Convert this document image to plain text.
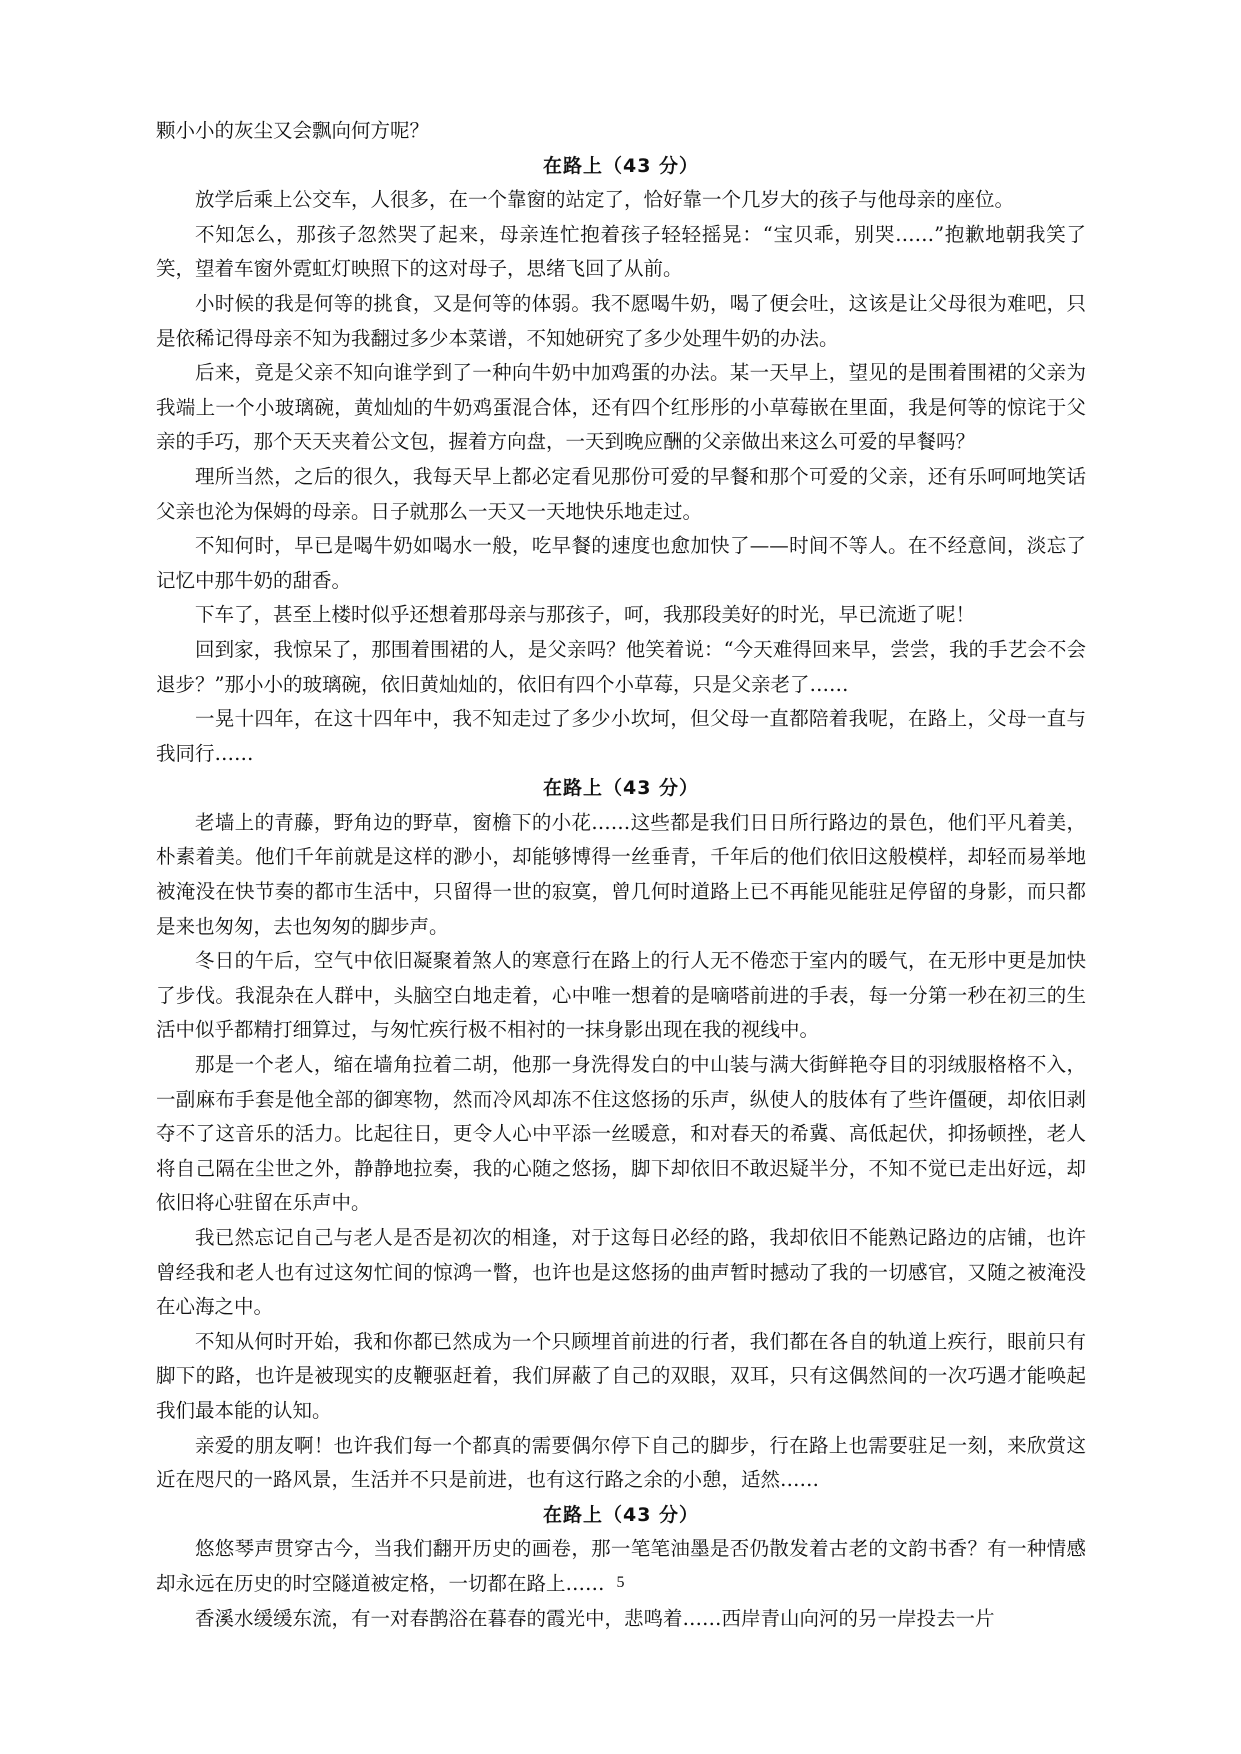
颗小小的灰尘又会飘向何方呢？

在路上（43 分）

放学后乘上公交车，人很多，在一个靠窗的站定了，恰好靠一个几岁大的孩子与他母亲的座位。

不知怎么，那孩子忽然哭了起来，母亲连忙抱着孩子轻轻摇晃：“宝贝乖，别哭……”抱歉地朝我笑了笑，望着车窗外霓虹灯映照下的这对母子，思绪飞回了从前。

小时候的我是何等的挑食，又是何等的体弱。我不愿喝牛奶，喝了便会吐，这该是让父母很为难吧，只是依稀记得母亲不知为我翻过多少本菜谱，不知她研究了多少处理牛奶的办法。

后来，竟是父亲不知向谁学到了一种向牛奶中加鸡蛋的办法。某一天早上，望见的是围着围裙的父亲为我端上一个小玻璃碗，黄灿灿的牛奶鸡蛋混合体，还有四个红彤彤的小草莓嵌在里面，我是何等的惊诧于父亲的手巧，那个天天夹着公文包，握着方向盘，一天到晚应酬的父亲做出来这么可爱的早餐吗？

理所当然，之后的很久，我每天早上都必定看见那份可爱的早餐和那个可爱的父亲，还有乐呵呵地笑话父亲也沦为保姆的母亲。日子就那么一天又一天地快乐地走过。

不知何时，早已是喝牛奶如喝水一般，吃早餐的速度也愈加快了——时间不等人。在不经意间，淡忘了记忆中那牛奶的甜香。

下车了，甚至上楼时似乎还想着那母亲与那孩子，呵，我那段美好的时光，早已流逝了呢！

回到家，我惊呆了，那围着围裙的人，是父亲吗？他笑着说：“今天难得回来早，尝尝，我的手艺会不会退步？”那小小的玻璃碗，依旧黄灿灿的，依旧有四个小草莓，只是父亲老了……

一晃十四年，在这十四年中，我不知走过了多少小坎坷，但父母一直都陪着我呢，在路上，父母一直与我同行……

在路上（43 分）

老墙上的青藤，野角边的野草，窗檐下的小花……这些都是我们日日所行路边的景色，他们平凡着美，朴素着美。他们千年前就是这样的渺小，却能够博得一丝垂青，千年后的他们依旧这般模样，却轻而易举地被淹没在快节奏的都市生活中，只留得一世的寂寞，曾几何时道路上已不再能见能驻足停留的身影，而只都是来也匆匆，去也匆匆的脚步声。

冬日的午后，空气中依旧凝聚着煞人的寒意行在路上的行人无不倦恋于室内的暖气，在无形中更是加快了步伐。我混杂在人群中，头脑空白地走着，心中唯一想着的是嘀嗒前进的手表，每一分第一秒在初三的生活中似乎都精打细算过，与匆忙疾行极不相衬的一抹身影出现在我的视线中。

那是一个老人，缩在墙角拉着二胡，他那一身洗得发白的中山装与满大街鲜艳夺目的羽绒服格格不入，一副麻布手套是他全部的御寒物，然而冷风却冻不住这悠扬的乐声，纵使人的肢体有了些许僵硬，却依旧剥夺不了这音乐的活力。比起往日，更令人心中平添一丝暖意，和对春天的希冀、高低起伏，抑扬顿挫，老人将自己隔在尘世之外，静静地拉奏，我的心随之悠扬，脚下却依旧不敢迟疑半分，不知不觉已走出好远，却依旧将心驻留在乐声中。

我已然忘记自己与老人是否是初次的相逢，对于这每日必经的路，我却依旧不能熟记路边的店铺，也许曾经我和老人也有过这匆忙间的惊鸿一瞥，也许也是这悠扬的曲声暂时撼动了我的一切感官，又随之被淹没在心海之中。

不知从何时开始，我和你都已然成为一个只顾埋首前进的行者，我们都在各自的轨道上疾行，眼前只有脚下的路，也许是被现实的皮鞭驱赶着，我们屏蔽了自己的双眼，双耳，只有这偶然间的一次巧遇才能唤起我们最本能的认知。

亲爱的朋友啊！也许我们每一个都真的需要偶尔停下自己的脚步，行在路上也需要驻足一刻，来欣赏这近在咫尺的一路风景，生活并不只是前进，也有这行路之余的小憩，适然……

在路上（43 分）

悠悠琴声贯穿古今，当我们翻开历史的画卷，那一笔笔油墨是否仍散发着古老的文韵书香？有一种情感却永远在历史的时空隧道被定格，一切都在路上……

香溪水缓缓东流，有一对春鹊浴在暮春的霞光中，悲鸣着……西岸青山向河的另一岸投去一片

5
